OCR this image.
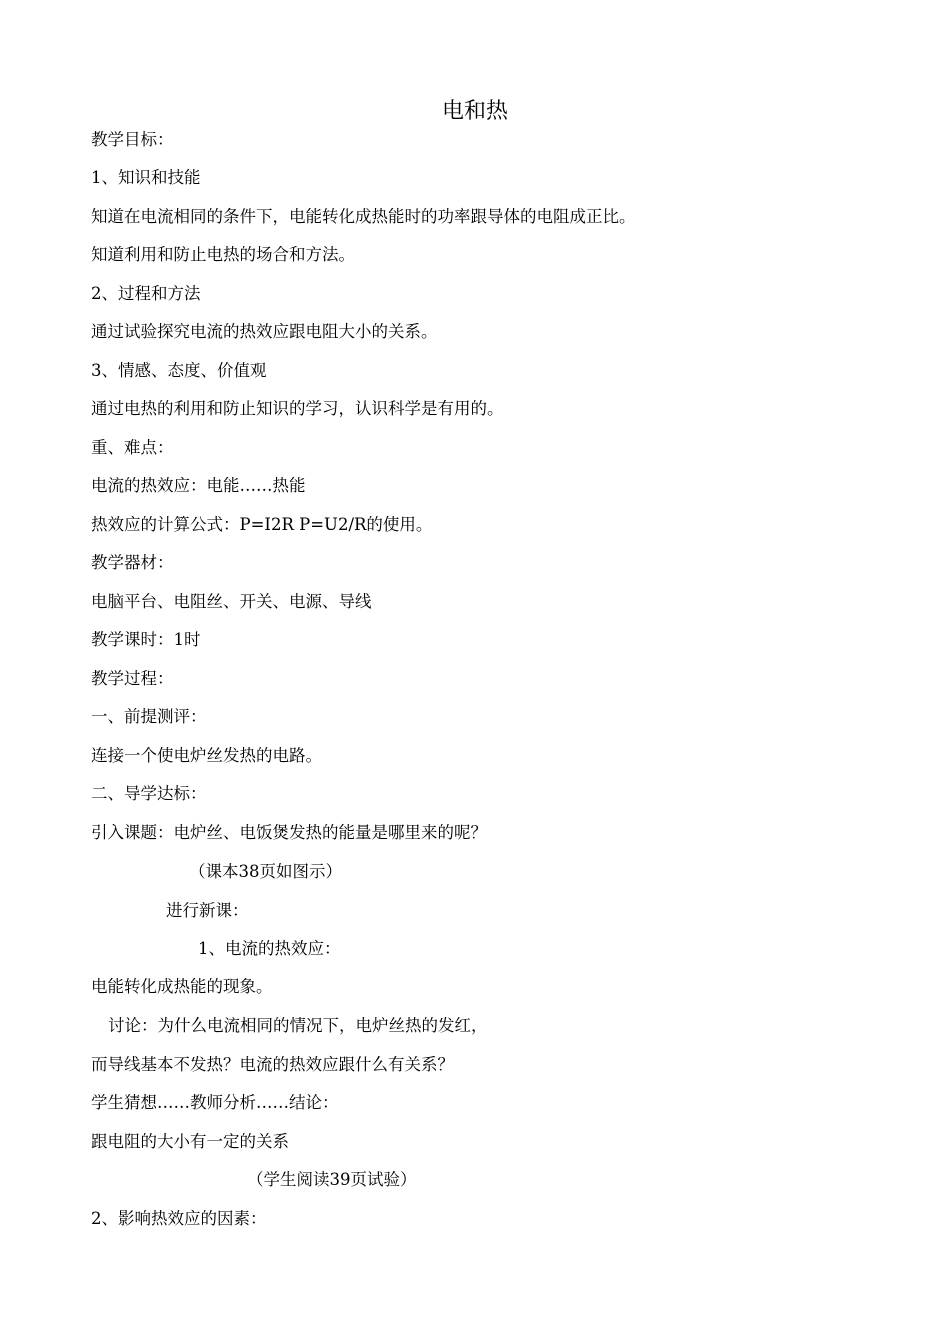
电和热
教学目标：
1、知识和技能
知道在电流相同的条件下，电能转化成热能时的功率跟导体的电阻成正比。
知道利用和防止电热的场合和方法。
2、过程和方法
通过试验探究电流的热效应跟电阻大小的关系。
3、情感、态度、价值观
通过电热的利用和防止知识的学习，认识科学是有用的。
重、难点：
电流的热效应：电能……热能
热效应的计算公式：P=I2R P=U2/R的使用。
教学器材：
电脑平台、电阻丝、开关、电源、导线
教学课时：1时
教学过程：
一、前提测评：
连接一个使电炉丝发热的电路。
二、导学达标：
引入课题：电炉丝、电饭煲发热的能量是哪里来的呢？
（课本38页如图示）
进行新课：
1、电流的热效应：
电能转化成热能的现象。
讨论：为什么电流相同的情况下，电炉丝热的发红，
而导线基本不发热？电流的热效应跟什么有关系？
学生猜想……教师分析……结论：
跟电阻的大小有一定的关系
（学生阅读39页试验）
2、影响热效应的因素：
